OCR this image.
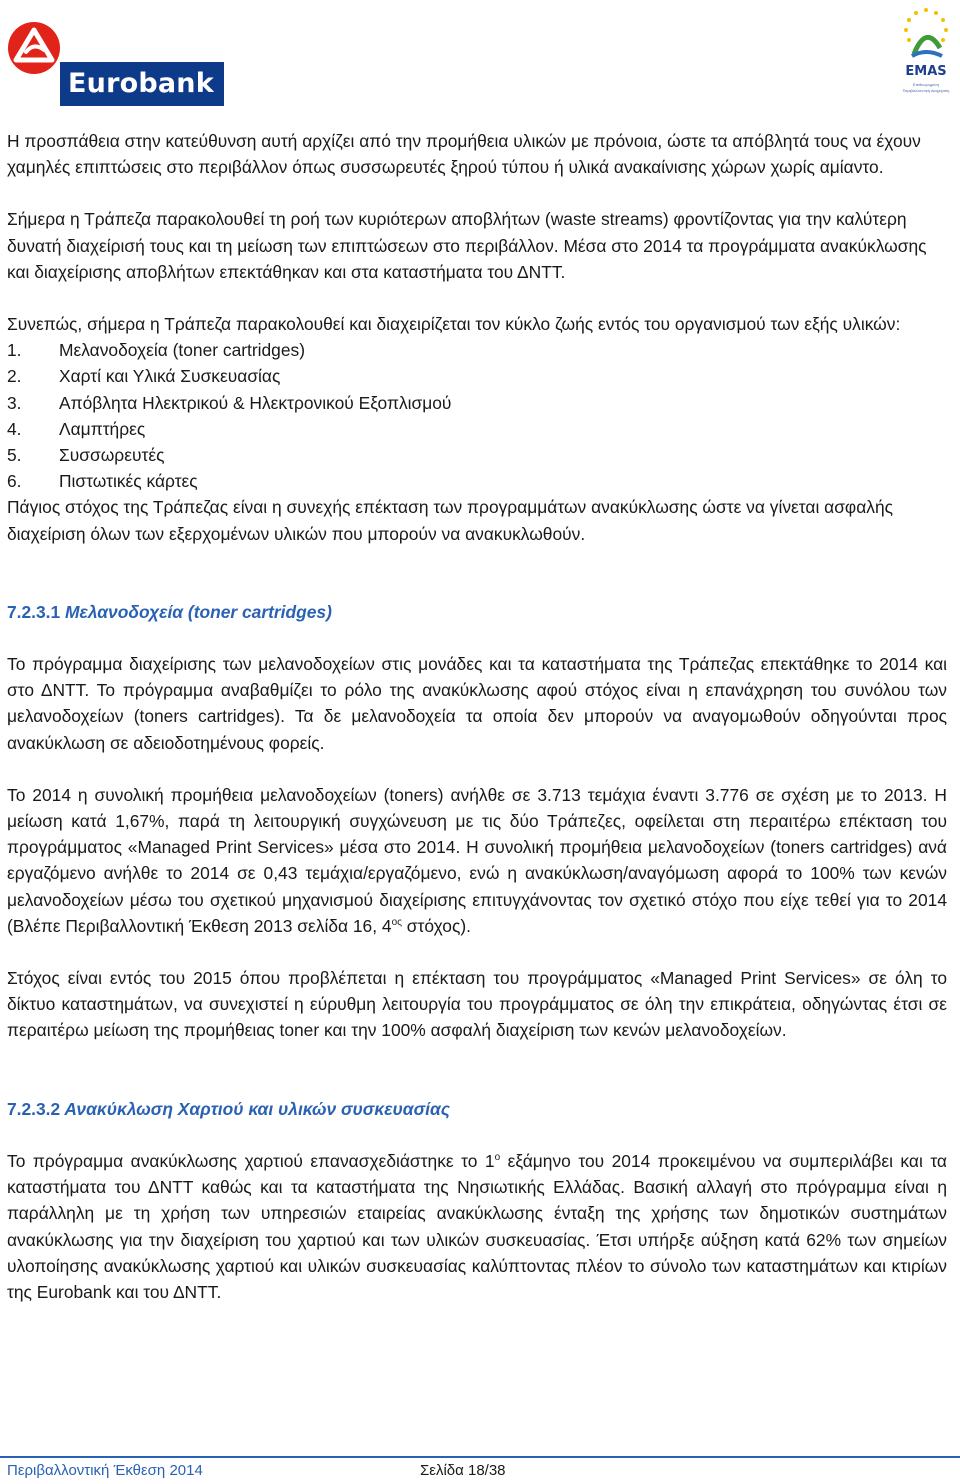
Eurobank	EMAS
Επιθεωρημένη Περιβαλλοντική Διαχείριση

Η προσπάθεια στην κατεύθυνση αυτή αρχίζει από την προμήθεια υλικών με πρόνοια, ώστε τα απόβλητά τους να έχουν χαμηλές επιπτώσεις στο περιβάλλον όπως συσσωρευτές ξηρού τύπου ή υλικά ανακαίνισης χώρων χωρίς αμίαντο.

Σήμερα η Τράπεζα παρακολουθεί τη ροή των κυριότερων αποβλήτων (waste streams) φροντίζοντας για την καλύτερη δυνατή διαχείρισή τους και τη μείωση των επιπτώσεων στο περιβάλλον. Μέσα στο 2014 τα προγράμματα ανακύκλωσης και διαχείρισης αποβλήτων επεκτάθηκαν και στα καταστήματα του ΔΝΤΤ.

Συνεπώς, σήμερα η Τράπεζα παρακολουθεί και διαχειρίζεται τον κύκλο ζωής εντός του οργανισμού των εξής υλικών:

1. Μελανοδοχεία (toner cartridges)

2. Χαρτί και Υλικά Συσκευασίας

3. Απόβλητα Ηλεκτρικού & Ηλεκτρονικού Εξοπλισμού

4. Λαμπτήρες

5. Συσσωρευτές

6. Πιστωτικές κάρτες

Πάγιος στόχος της Τράπεζας είναι η συνεχής επέκταση των προγραμμάτων ανακύκλωσης ώστε να γίνεται ασφαλής διαχείριση όλων των εξερχομένων υλικών που μπορούν να ανακυκλωθούν.

7.2.3.1 Μελανοδοχεία (toner cartridges)

Το πρόγραμμα διαχείρισης των μελανοδοχείων στις μονάδες και τα καταστήματα της Τράπεζας επεκτάθηκε το 2014 και στο ΔΝΤΤ. Το πρόγραμμα αναβαθμίζει το ρόλο της ανακύκλωσης αφού στόχος είναι η επανάχρηση του συνόλου των μελανοδοχείων (toners cartridges). Τα δε μελανοδοχεία τα οποία δεν μπορούν να αναγομωθούν οδηγούνται προς ανακύκλωση σε αδειοδοτημένους φορείς.

Το 2014 η συνολική προμήθεια μελανοδοχείων (toners) ανήλθε σε 3.713 τεμάχια έναντι 3.776 σε σχέση με το 2013. Η μείωση κατά 1,67%, παρά τη λειτουργική συγχώνευση με τις δύο Τράπεζες, οφείλεται στη περαιτέρω επέκταση του προγράμματος «Managed Print Services» μέσα στο 2014. Η συνολική προμήθεια μελανοδοχείων (toners cartridges) ανά εργαζόμενο ανήλθε το 2014 σε 0,43 τεμάχια/εργαζόμενο, ενώ η ανακύκλωση/αναγόμωση αφορά το 100% των κενών μελανοδοχείων μέσω του σχετικού μηχανισμού διαχείρισης επιτυγχάνοντας τον σχετικό στόχο που είχε τεθεί για το 2014 (Βλέπε Περιβαλλοντική Έκθεση 2013 σελίδα 16, $4^{o\varsigma}$ στόχος).

Στόχος είναι εντός του 2015 όπου προβλέπεται η επέκταση του προγράμματος «Managed Print Services» σε όλη το δίκτυο καταστημάτων, να συνεχιστεί η εύρυθμη λειτουργία του προγράμματος σε όλη την επικράτεια, οδηγώντας έτσι σε περαιτέρω μείωση της προμήθειας toner και την 100% ασφαλή διαχείριση των κενών μελανοδοχείων.

7.2.3.2 Ανακύκλωση Χαρτιού και υλικών συσκευασίας

Το πρόγραμμα ανακύκλωσης χαρτιού επανασχεδιάστηκε το $1^o$ εξάμηνο του 2014 προκειμένου να συμπεριλάβει και τα καταστήματα του ΔΝΤΤ καθώς και τα καταστήματα της Νησιωτικής Ελλάδας. Βασική αλλαγή στο πρόγραμμα είναι η παράλληλη με τη χρήση των υπηρεσιών εταιρείας ανακύκλωσης ένταξη της χρήσης των δημοτικών συστημάτων ανακύκλωσης για την διαχείριση του χαρτιού και των υλικών συσκευασίας. Έτσι υπήρξε αύξηση κατά 62% των σημείων υλοποίησης ανακύκλωσης χαρτιού και υλικών συσκευασίας καλύπτοντας πλέον το σύνολο των καταστημάτων και κτιρίων της Eurobank και του ΔΝΤΤ.

Περιβαλλοντική Έκθεση 2014	Σελίδα 18/38
